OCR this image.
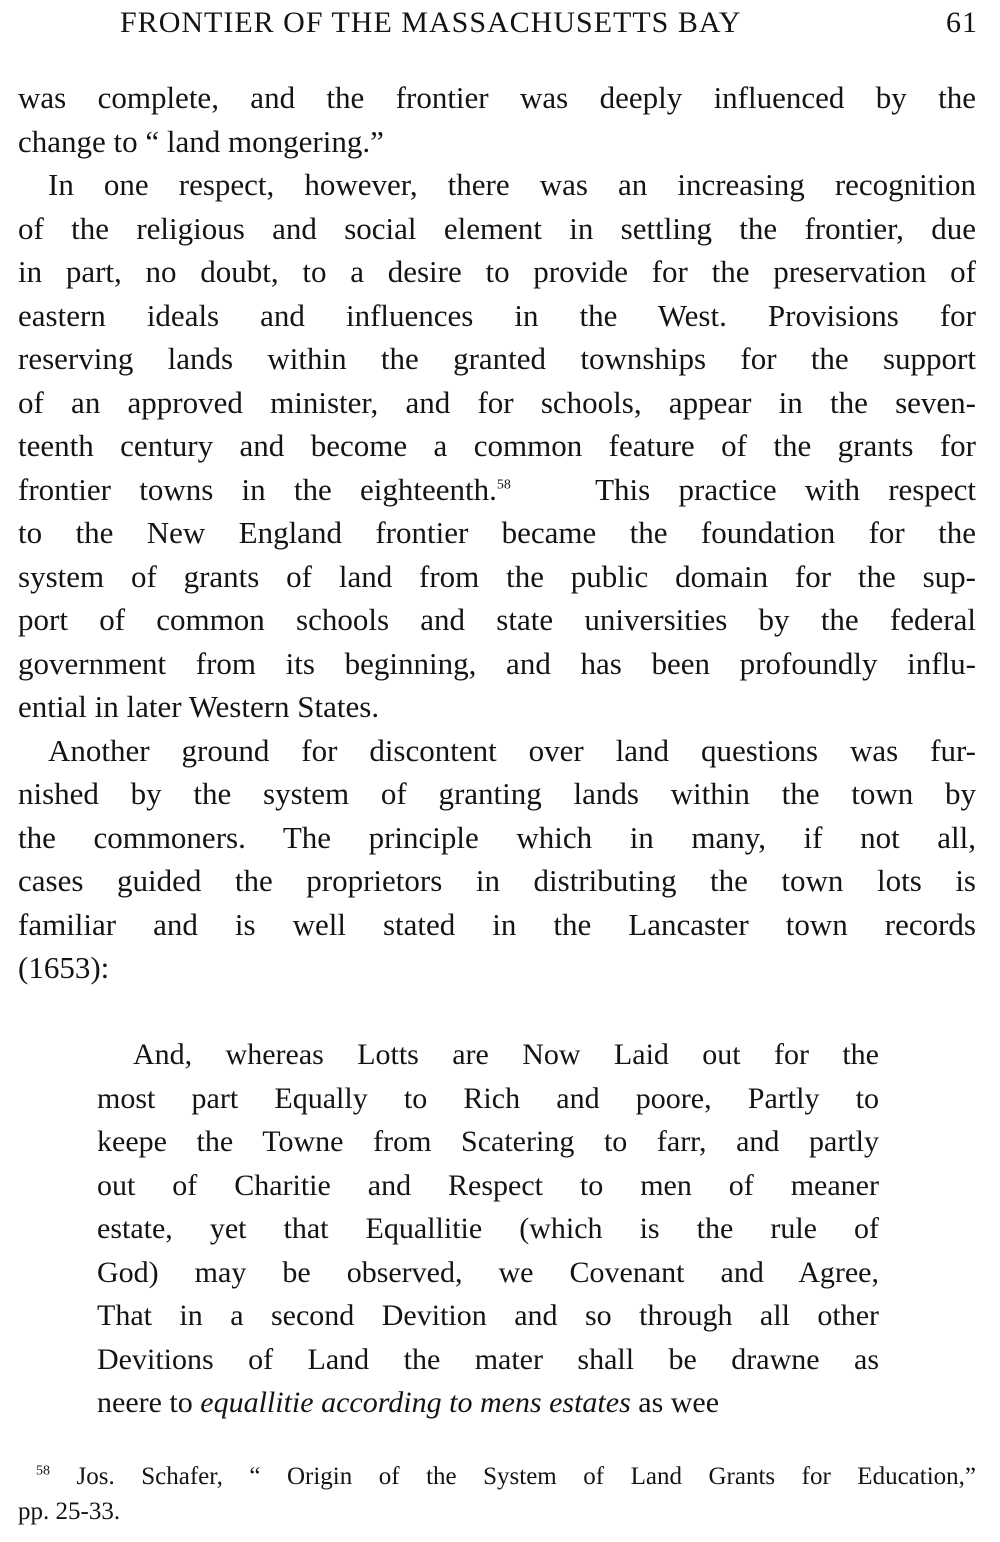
FRONTIER OF THE MASSACHUSETTS BAY	61
was complete, and the frontier was deeply influenced by the
change to “ land mongering.”
In one respect, however, there was an increasing recognition
of the religious and social element in settling the frontier, due
in part, no doubt, to a desire to provide for the preservation of
eastern ideals and influences in the West. Provisions for
reserving lands within the granted townships for the support
of an approved minister, and for schools, appear in the seven-
teenth century and become a common feature of the grants for
frontier towns in the eighteenth.$^{58}$	This practice with respect
to the New England frontier became the foundation for the
system of grants of land from the public domain for the sup-
port of common schools and state universities by the federal
government from its beginning, and has been profoundly influ-
ential in later Western States.
Another ground for discontent over land questions was fur-
nished by the system of granting lands within the town by
the commoners. The principle which in many, if not all,
cases guided the proprietors in distributing the town lots is
familiar and is well stated in the Lancaster town records
(1653):
And, whereas Lotts are Now Laid out for the
most part Equally to Rich and poore, Partly to
keepe the Towne from Scatering to farr, and partly
out of Charitie and Respect to men of meaner
estate, yet that Equallitie (which is the rule of
God) may be observed, we Covenant and Agree,
That in a second Devition and so through all other
Devitions of Land the mater shall be drawne as
neere to equallitie according to mens estates as wee
$^{58}$ Jos. Schafer, “ Origin of the System of Land Grants for Education,”
pp. 25-33.
